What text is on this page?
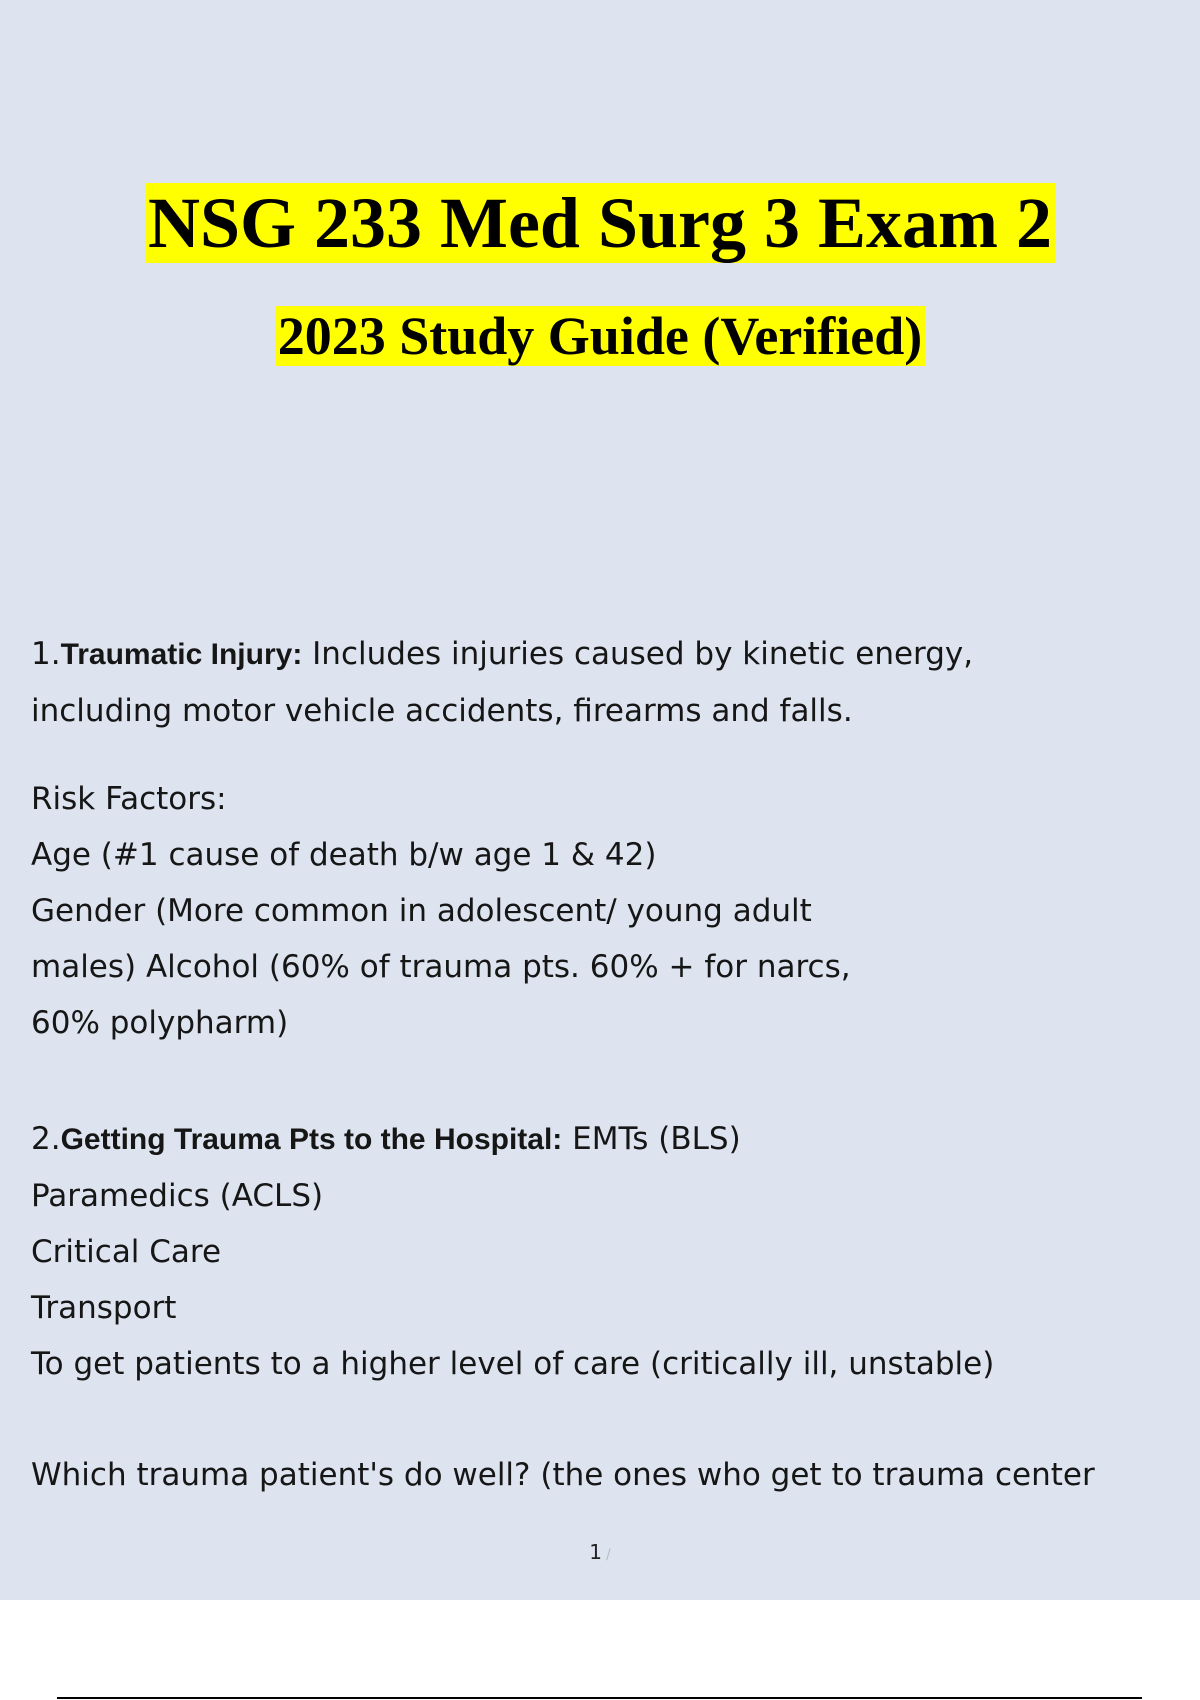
NSG 233 Med Surg 3 Exam 2
2023 Study Guide (Verified)
1.Traumatic Injury: Includes injuries caused by kinetic energy,
including motor vehicle accidents, firearms and falls.
Risk Factors:
Age (#1 cause of death b/w age 1 & 42)
Gender (More common in adolescent/ young adult
males) Alcohol (60% of trauma pts. 60% + for narcs,
60% polypharm)
2.Getting Trauma Pts to the Hospital: EMTs (BLS)
Paramedics (ACLS)
Critical Care
Transport
To get patients to a higher level of care (critically ill, unstable)
Which trauma patient's do well? (the ones who get to trauma center
1 /
